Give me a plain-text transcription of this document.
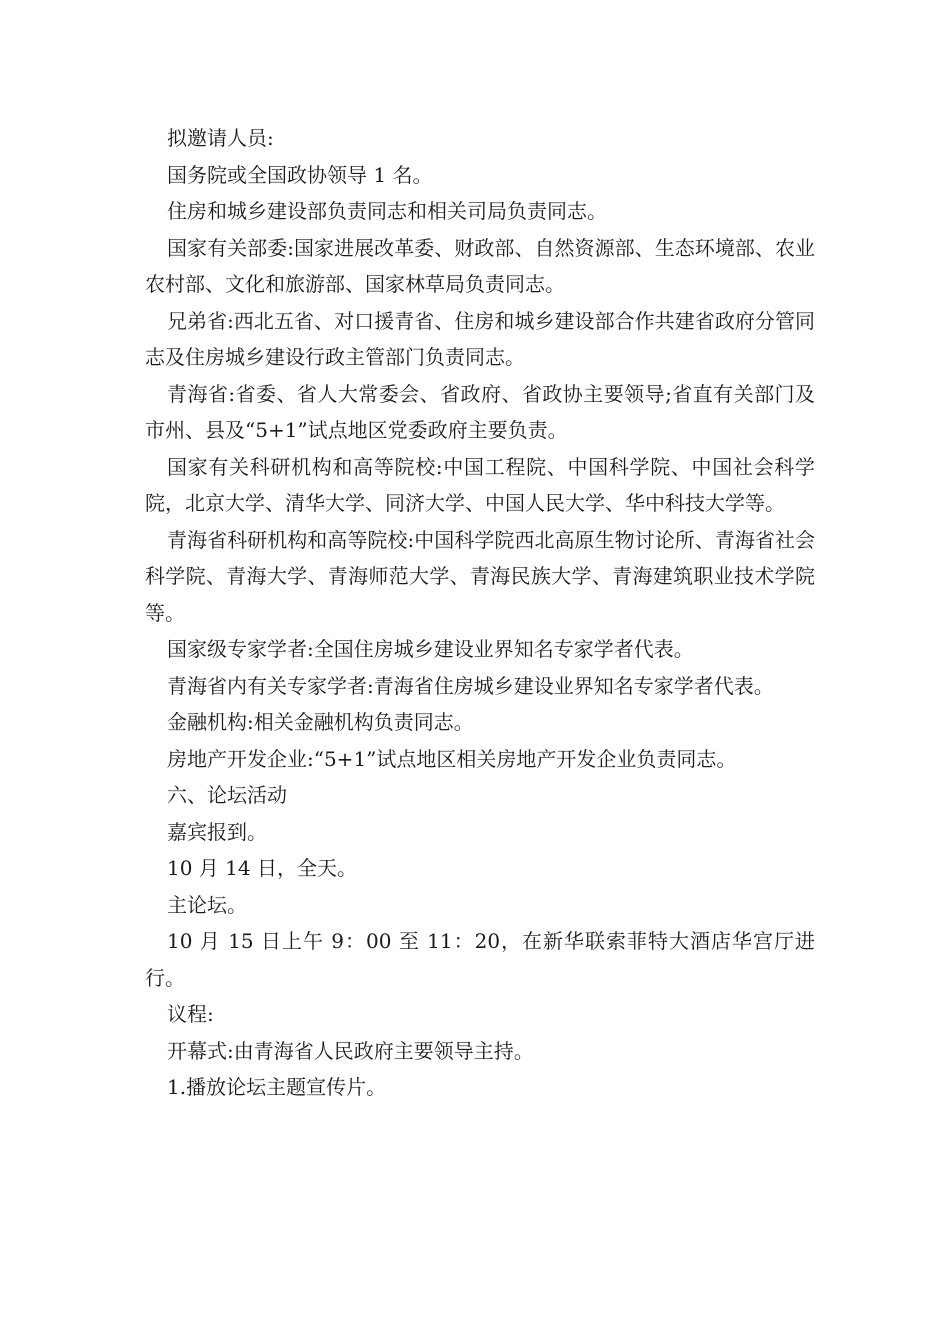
拟邀请人员:

国务院或全国政协领导 1 名。

住房和城乡建设部负责同志和相关司局负责同志。

国家有关部委:国家进展改革委、财政部、自然资源部、生态环境部、农业农村部、文化和旅游部、国家林草局负责同志。

兄弟省:西北五省、对口援青省、住房和城乡建设部合作共建省政府分管同志及住房城乡建设行政主管部门负责同志。

青海省:省委、省人大常委会、省政府、省政协主要领导;省直有关部门及市州、县及“5+1”试点地区党委政府主要负责。

国家有关科研机构和高等院校:中国工程院、中国科学院、中国社会科学院，北京大学、清华大学、同济大学、中国人民大学、华中科技大学等。

青海省科研机构和高等院校:中国科学院西北高原生物讨论所、青海省社会科学院、青海大学、青海师范大学、青海民族大学、青海建筑职业技术学院等。

国家级专家学者:全国住房城乡建设业界知名专家学者代表。

青海省内有关专家学者:青海省住房城乡建设业界知名专家学者代表。

金融机构:相关金融机构负责同志。

房地产开发企业:“5+1”试点地区相关房地产开发企业负责同志。

六、论坛活动

嘉宾报到。

10 月 14 日，全天。

主论坛。

10 月 15 日上午 9：00 至 11：20，在新华联索菲特大酒店华宫厅进行。

议程:

开幕式:由青海省人民政府主要领导主持。

1.播放论坛主题宣传片。
